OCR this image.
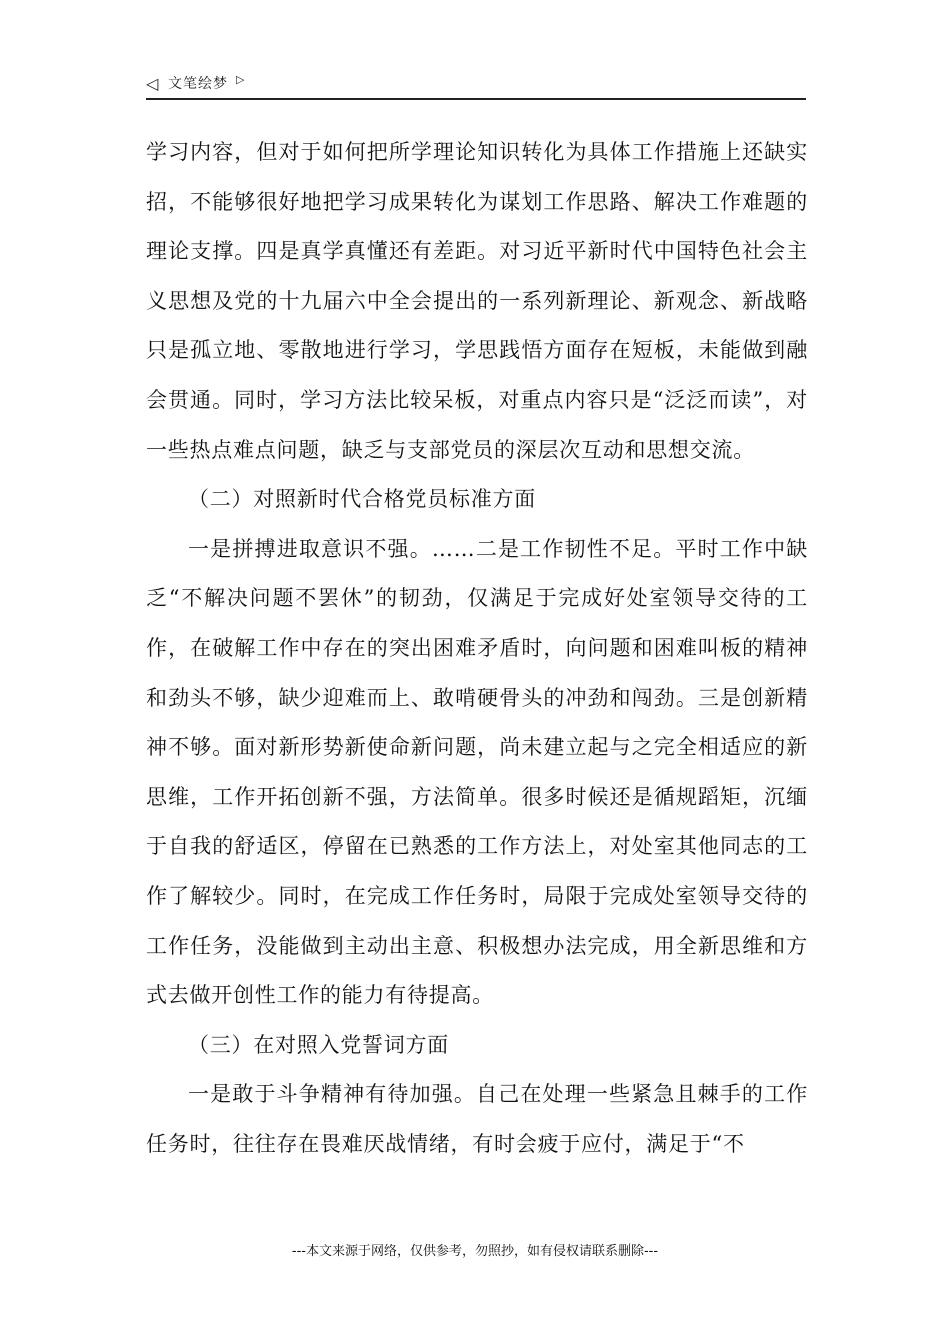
◁ 文笔绘梦 ▷

学习内容，但对于如何把所学理论知识转化为具体工作措施上还缺实招，不能够很好地把学习成果转化为谋划工作思路、解决工作难题的理论支撑。四是真学真懂还有差距。对习近平新时代中国特色社会主义思想及党的十九届六中全会提出的一系列新理论、新观念、新战略只是孤立地、零散地进行学习，学思践悟方面存在短板，未能做到融会贯通。同时，学习方法比较呆板，对重点内容只是“泛泛而读”，对一些热点难点问题，缺乏与支部党员的深层次互动和思想交流。

（二）对照新时代合格党员标准方面

一是拼搏进取意识不强。……二是工作韧性不足。平时工作中缺乏“不解决问题不罢休”的韧劲，仅满足于完成好处室领导交待的工作，在破解工作中存在的突出困难矛盾时，向问题和困难叫板的精神和劲头不够，缺少迎难而上、敢啃硬骨头的冲劲和闯劲。三是创新精神不够。面对新形势新使命新问题，尚未建立起与之完全相适应的新思维，工作开拓创新不强，方法简单。很多时候还是循规蹈矩，沉缅于自我的舒适区，停留在已熟悉的工作方法上，对处室其他同志的工作了解较少。同时，在完成工作任务时，局限于完成处室领导交待的工作任务，没能做到主动出主意、积极想办法完成，用全新思维和方式去做开创性工作的能力有待提高。

（三）在对照入党誓词方面

一是敢于斗争精神有待加强。自己在处理一些紧急且棘手的工作任务时，往往存在畏难厌战情绪，有时会疲于应付，满足于“不

---本文来源于网络，仅供参考，勿照抄，如有侵权请联系删除---
